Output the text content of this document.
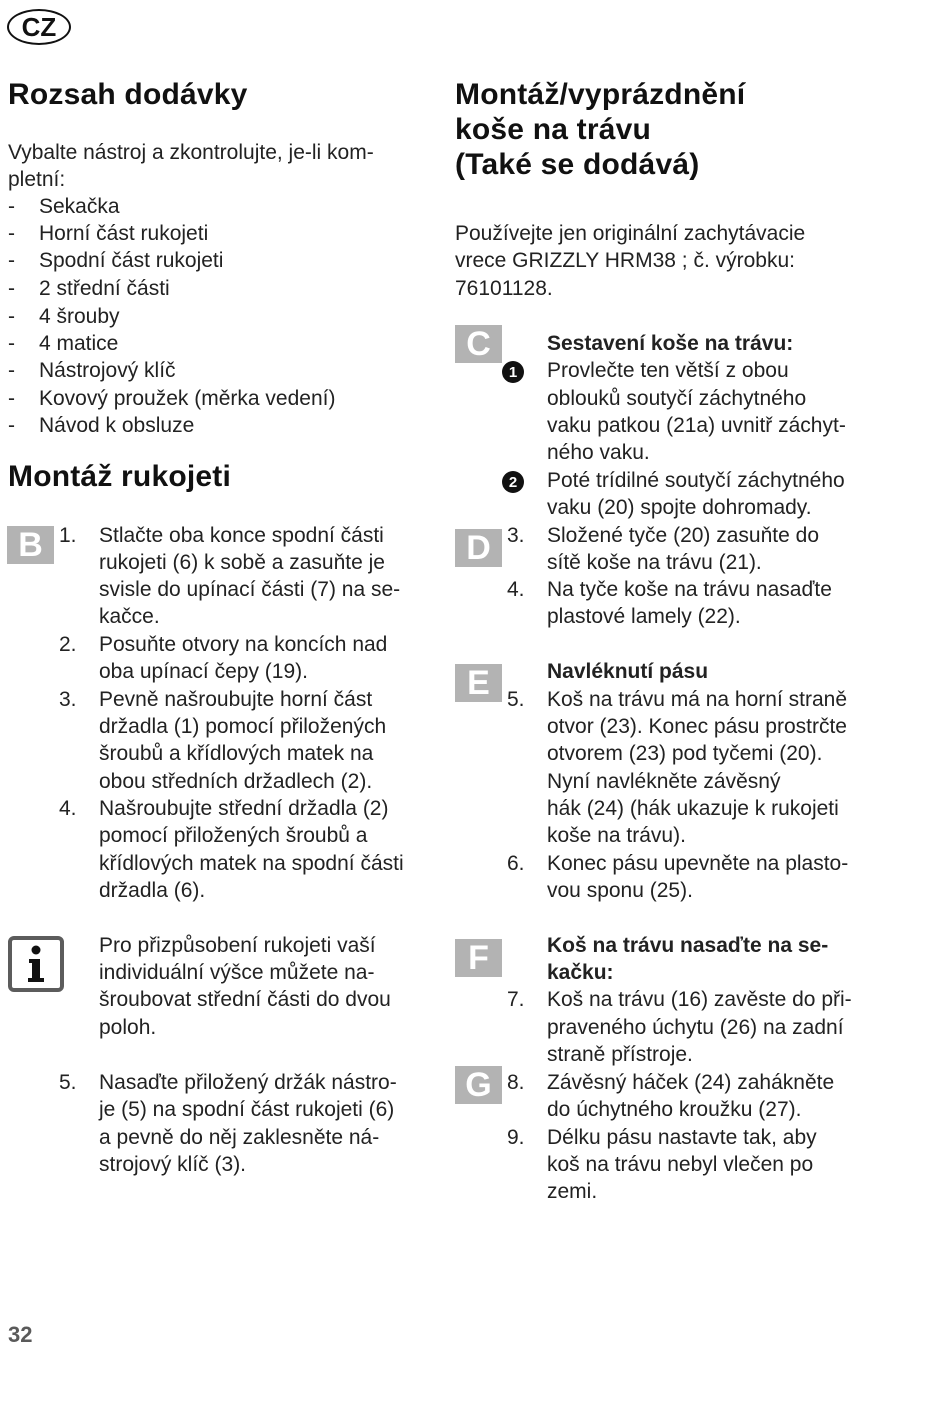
CZ
Rozsah dodávky
Vybalte nástroj a zkontrolujte, je-li kom-
pletní:
- Sekačka
- Horní část rukojeti
- Spodní část rukojeti
- 2 střední části
- 4 šrouby
- 4 matice
- Nástrojový klíč
- Kovový proužek (měrka vedení)
- Návod k obsluze
Montáž rukojeti
B 1. Stlačte oba konce spodní části
rukojeti (6) k sobě a zasuňte je
svisle do upínací části (7) na se-
kačce.
2. Posuňte otvory na koncích nad
oba upínací čepy (19).
3. Pevně našroubujte horní část
držadla (1) pomocí přiložených
šroubů a křídlových matek na
obou středních držadlech (2).
4. Našroubujte střední držadla (2)
pomocí přiložených šroubů a
křídlových matek na spodní části
držadla (6).
Pro přizpůsobení rukojeti vaší
individuální výšce můžete na-
šroubovat střední části do dvou
poloh.
5. Nasaďte přiložený držák nástro-
je (5) na spodní část rukojeti (6)
a pevně do něj zaklesněte ná-
strojový klíč (3).
Montáž/vyprázdnění
koše na trávu
(Také se dodává)
Používejte jen originální zachytávacie
vrece GRIZZLY HRM38 ; č. výrobku:
76101128.
C	Sestavení koše na trávu:
1	Provlečte ten větší z obou
oblouků soutyčí záchytného
vaku patkou (21a) uvnitř záchyt-
ného vaku.
2	Poté trídilné soutyčí záchytného
vaku (20) spojte dohromady.
D 3. Složené tyče (20) zasuňte do
sítě koše na trávu (21).
4. Na tyče koše na trávu nasaďte
plastové lamely (22).
E	Navléknutí pásu
5. Koš na trávu má na horní straně
otvor (23). Konec pásu prostrčte
otvorem (23) pod tyčemi (20).
Nyní navlékněte závěsný
hák (24) (hák ukazuje k rukojeti
koše na trávu).
6. Konec pásu upevněte na plasto-
vou sponu (25).
F	Koš na trávu nasaďte na se-
kačku:
7. Koš na trávu (16) zavěste do při-
praveného úchytu (26) na zadní
straně přístroje.
G 8. Závěsný háček (24) zahákněte
do úchytného kroužku (27).
9. Délku pásu nastavte tak, aby
koš na trávu nebyl vlečen po
zemi.
32
